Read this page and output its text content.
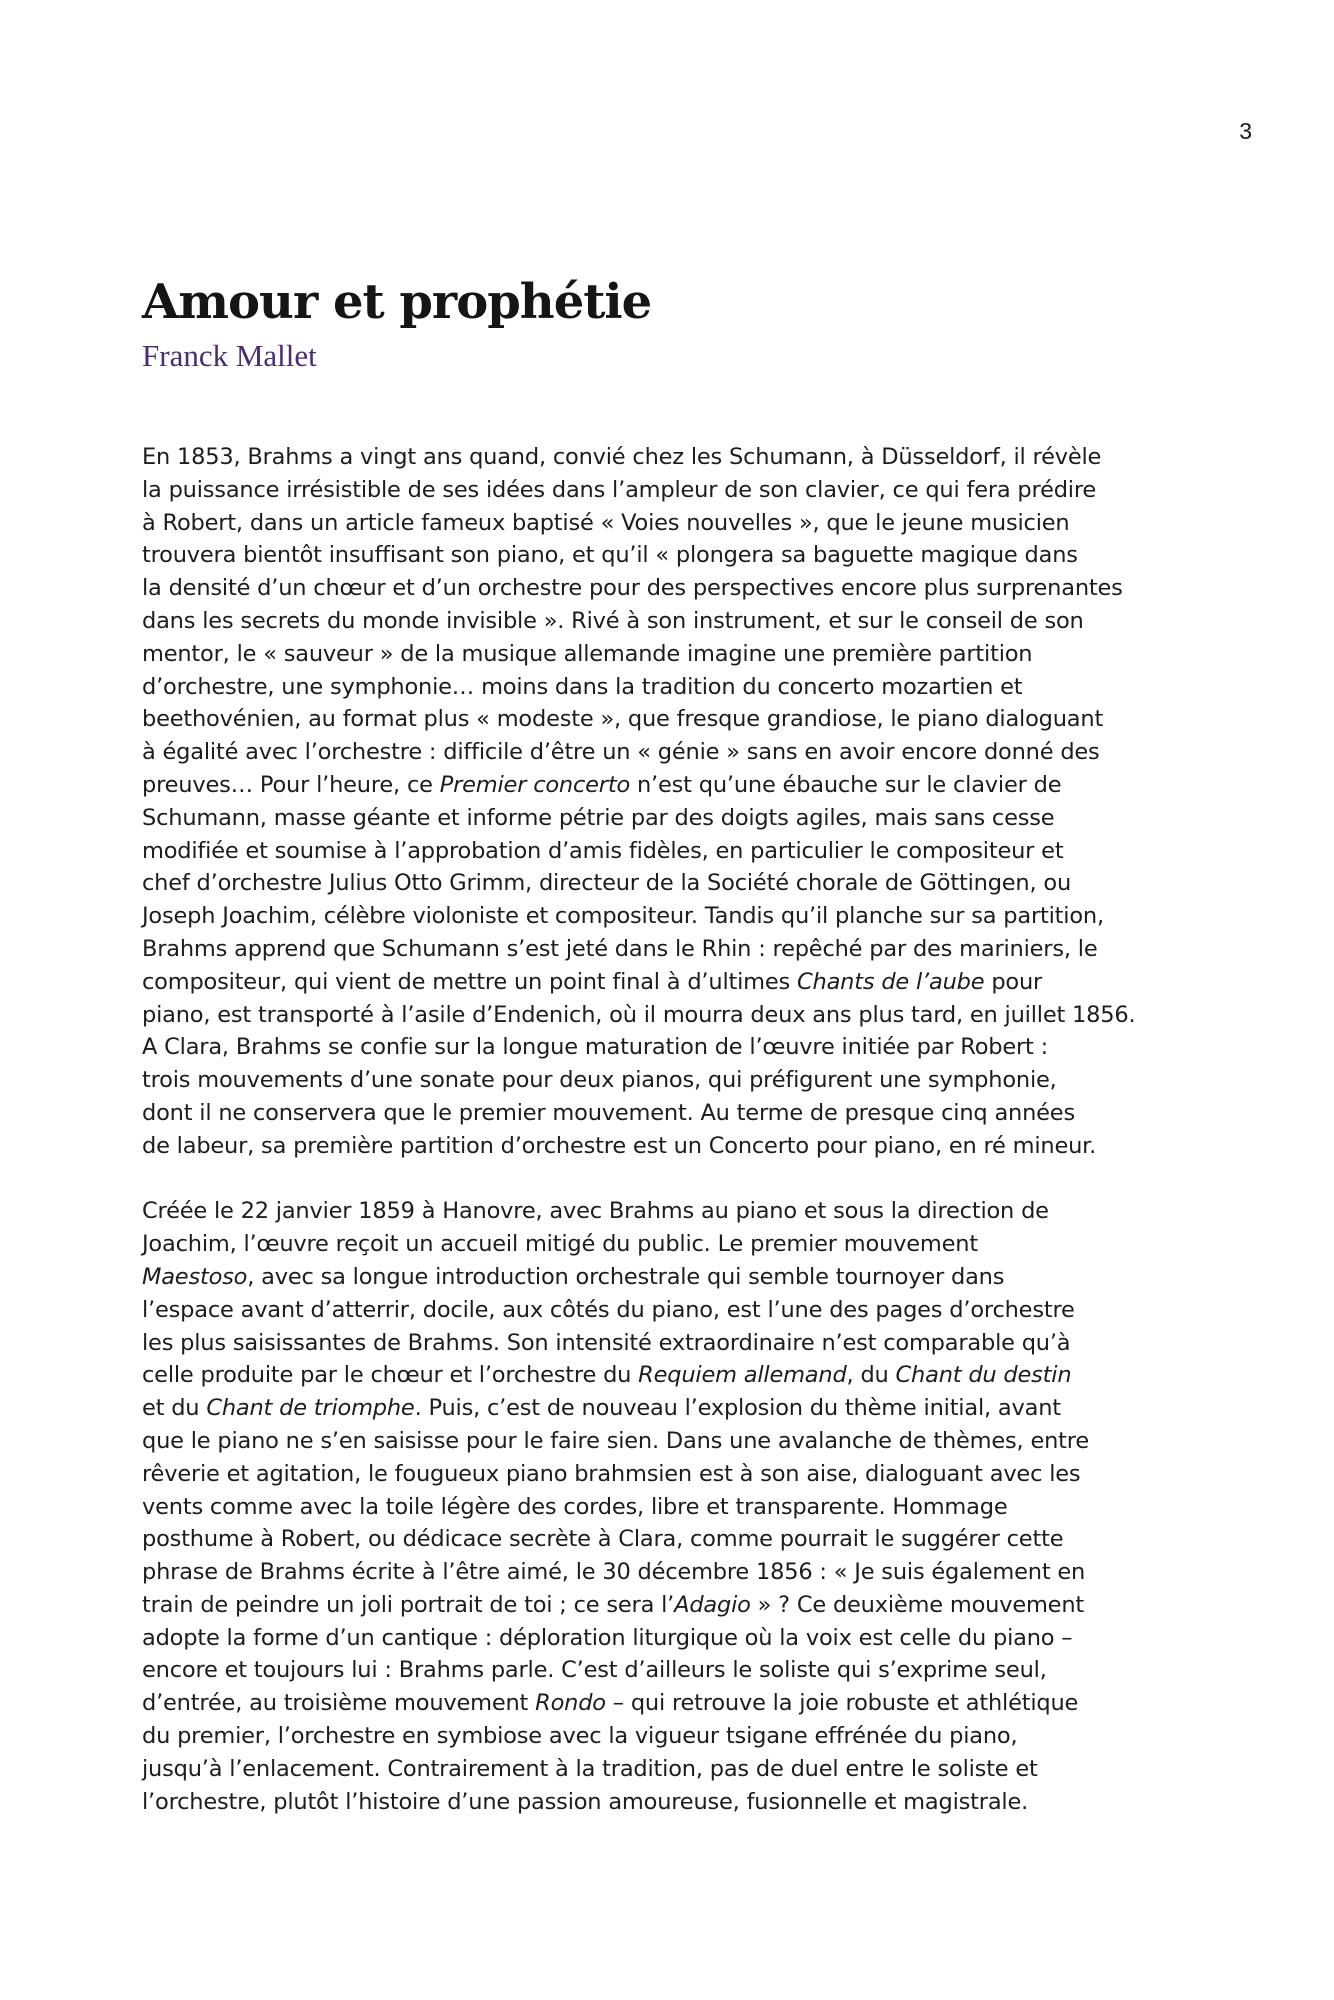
3
Amour et prophétie
Franck Mallet

En 1853, Brahms a vingt ans quand, convié chez les Schumann, à Düsseldorf, il révèle
la puissance irrésistible de ses idées dans l’ampleur de son clavier, ce qui fera prédire
à Robert, dans un article fameux baptisé « Voies nouvelles », que le jeune musicien
trouvera bientôt insuffisant son piano, et qu’il « plongera sa baguette magique dans
la densité d’un chœur et d’un orchestre pour des perspectives encore plus surprenantes
dans les secrets du monde invisible ». Rivé à son instrument, et sur le conseil de son
mentor, le « sauveur » de la musique allemande imagine une première partition
d’orchestre, une symphonie… moins dans la tradition du concerto mozartien et
beethovénien, au format plus « modeste », que fresque grandiose, le piano dialoguant
à égalité avec l’orchestre : difficile d’être un « génie » sans en avoir encore donné des
preuves… Pour l’heure, ce Premier concerto n’est qu’une ébauche sur le clavier de
Schumann, masse géante et informe pétrie par des doigts agiles, mais sans cesse
modifiée et soumise à l’approbation d’amis fidèles, en particulier le compositeur et
chef d’orchestre Julius Otto Grimm, directeur de la Société chorale de Göttingen, ou
Joseph Joachim, célèbre violoniste et compositeur. Tandis qu’il planche sur sa partition,
Brahms apprend que Schumann s’est jeté dans le Rhin : repêché par des mariniers, le
compositeur, qui vient de mettre un point final à d’ultimes Chants de l’aube pour
piano, est transporté à l’asile d’Endenich, où il mourra deux ans plus tard, en juillet 1856.
A Clara, Brahms se confie sur la longue maturation de l’œuvre initiée par Robert :
trois mouvements d’une sonate pour deux pianos, qui préfigurent une symphonie,
dont il ne conservera que le premier mouvement. Au terme de presque cinq années
de labeur, sa première partition d’orchestre est un Concerto pour piano, en ré mineur.

Créée le 22 janvier 1859 à Hanovre, avec Brahms au piano et sous la direction de
Joachim, l’œuvre reçoit un accueil mitigé du public. Le premier mouvement
Maestoso, avec sa longue introduction orchestrale qui semble tournoyer dans
l’espace avant d’atterrir, docile, aux côtés du piano, est l’une des pages d’orchestre
les plus saisissantes de Brahms. Son intensité extraordinaire n’est comparable qu’à
celle produite par le chœur et l’orchestre du Requiem allemand, du Chant du destin
et du Chant de triomphe. Puis, c’est de nouveau l’explosion du thème initial, avant
que le piano ne s’en saisisse pour le faire sien. Dans une avalanche de thèmes, entre
rêverie et agitation, le fougueux piano brahmsien est à son aise, dialoguant avec les
vents comme avec la toile légère des cordes, libre et transparente. Hommage
posthume à Robert, ou dédicace secrète à Clara, comme pourrait le suggérer cette
phrase de Brahms écrite à l’être aimé, le 30 décembre 1856 : « Je suis également en
train de peindre un joli portrait de toi ; ce sera l’Adagio » ? Ce deuxième mouvement
adopte la forme d’un cantique : déploration liturgique où la voix est celle du piano –
encore et toujours lui : Brahms parle. C’est d’ailleurs le soliste qui s’exprime seul,
d’entrée, au troisième mouvement Rondo – qui retrouve la joie robuste et athlétique
du premier, l’orchestre en symbiose avec la vigueur tsigane effrénée du piano,
jusqu’à l’enlacement. Contrairement à la tradition, pas de duel entre le soliste et
l’orchestre, plutôt l’histoire d’une passion amoureuse, fusionnelle et magistrale.
